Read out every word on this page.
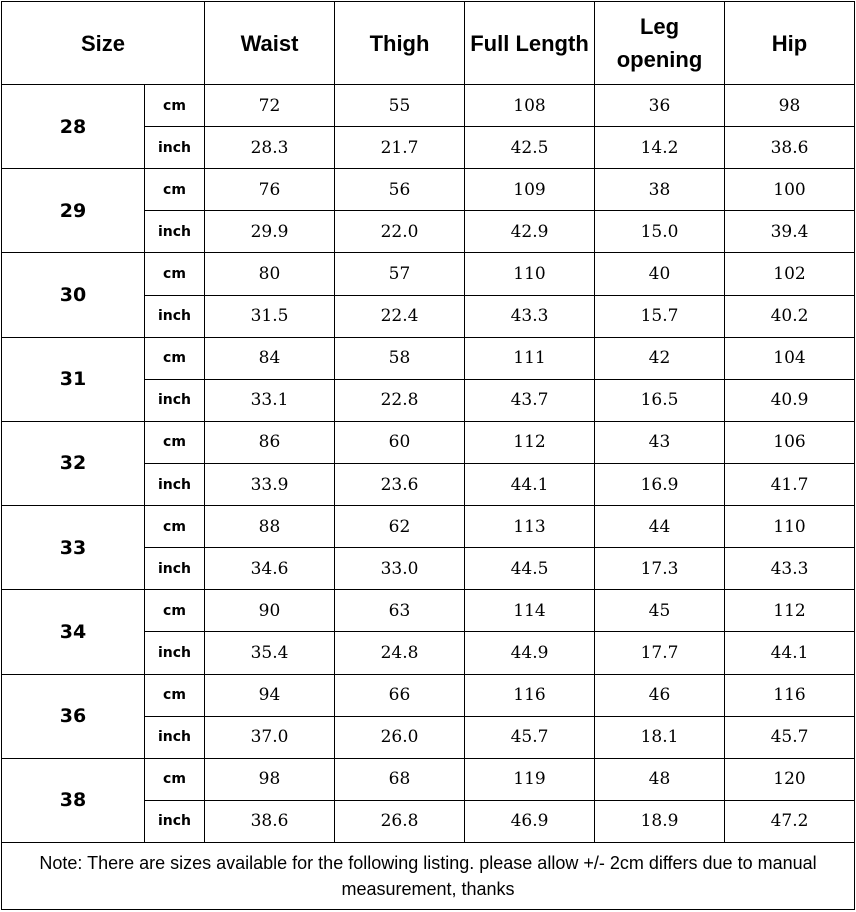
Size		Waist	Thigh	Full Length	Leg opening	Hip
28	cm	72	55	108	36	98
	inch	28.3	21.7	42.5	14.2	38.6
29	cm	76	56	109	38	100
	inch	29.9	22.0	42.9	15.0	39.4
30	cm	80	57	110	40	102
	inch	31.5	22.4	43.3	15.7	40.2
31	cm	84	58	111	42	104
	inch	33.1	22.8	43.7	16.5	40.9
32	cm	86	60	112	43	106
	inch	33.9	23.6	44.1	16.9	41.7
33	cm	88	62	113	44	110
	inch	34.6	33.0	44.5	17.3	43.3
34	cm	90	63	114	45	112
	inch	35.4	24.8	44.9	17.7	44.1
36	cm	94	66	116	46	116
	inch	37.0	26.0	45.7	18.1	45.7
38	cm	98	68	119	48	120
	inch	38.6	26.8	46.9	18.9	47.2
Note: There are sizes available for the following listing. please allow +/- 2cm differs due to manual measurement, thanks						
